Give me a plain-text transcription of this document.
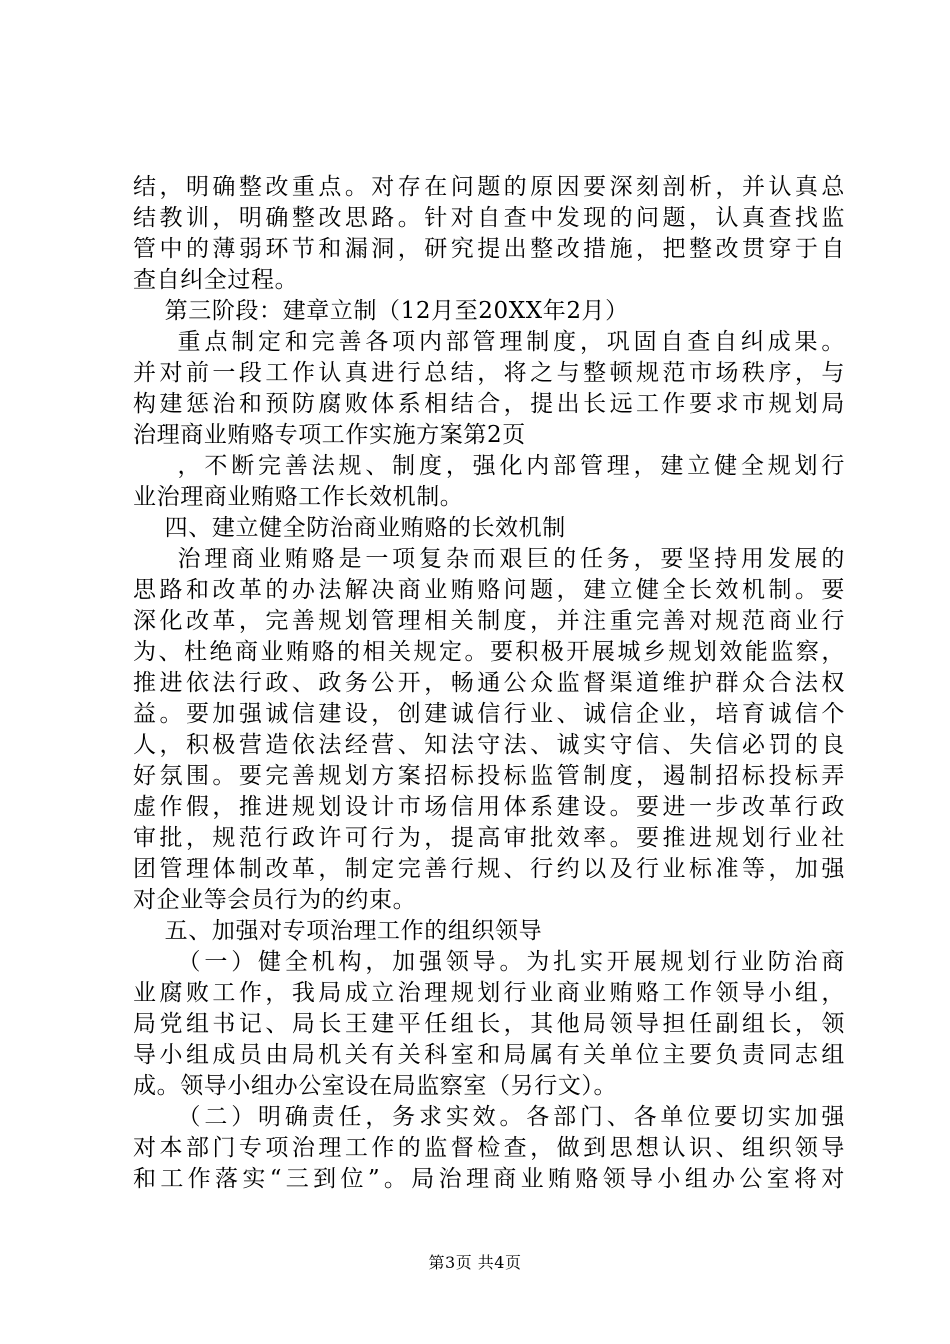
结，明确整改重点。对存在问题的原因要深刻剖析，并认真总
结教训，明确整改思路。针对自查中发现的问题，认真查找监
管中的薄弱环节和漏洞，研究提出整改措施，把整改贯穿于自
查自纠全过程。
第三阶段：建章立制（12月至20XX年2月）
重点制定和完善各项内部管理制度，巩固自查自纠成果。
并对前一段工作认真进行总结，将之与整顿规范市场秩序，与
构建惩治和预防腐败体系相结合，提出长远工作要求市规划局
治理商业贿赂专项工作实施方案第2页
，不断完善法规、制度，强化内部管理，建立健全规划行
业治理商业贿赂工作长效机制。
四、建立健全防治商业贿赂的长效机制
治理商业贿赂是一项复杂而艰巨的任务，要坚持用发展的
思路和改革的办法解决商业贿赂问题，建立健全长效机制。要
深化改革，完善规划管理相关制度，并注重完善对规范商业行
为、杜绝商业贿赂的相关规定。要积极开展城乡规划效能监察，
推进依法行政、政务公开，畅通公众监督渠道维护群众合法权
益。要加强诚信建设，创建诚信行业、诚信企业，培育诚信个
人，积极营造依法经营、知法守法、诚实守信、失信必罚的良
好氛围。要完善规划方案招标投标监管制度，遏制招标投标弄
虚作假，推进规划设计市场信用体系建设。要进一步改革行政
审批，规范行政许可行为，提高审批效率。要推进规划行业社
团管理体制改革，制定完善行规、行约以及行业标准等，加强
对企业等会员行为的约束。
五、加强对专项治理工作的组织领导
（一）健全机构，加强领导。为扎实开展规划行业防治商
业腐败工作，我局成立治理规划行业商业贿赂工作领导小组，
局党组书记、局长王建平任组长，其他局领导担任副组长，领
导小组成员由局机关有关科室和局属有关单位主要负责同志组
成。领导小组办公室设在局监察室（另行文）。
（二）明确责任，务求实效。各部门、各单位要切实加强
对本部门专项治理工作的监督检查，做到思想认识、组织领导
和工作落实“三到位”。局治理商业贿赂领导小组办公室将对
第3页 共4页
